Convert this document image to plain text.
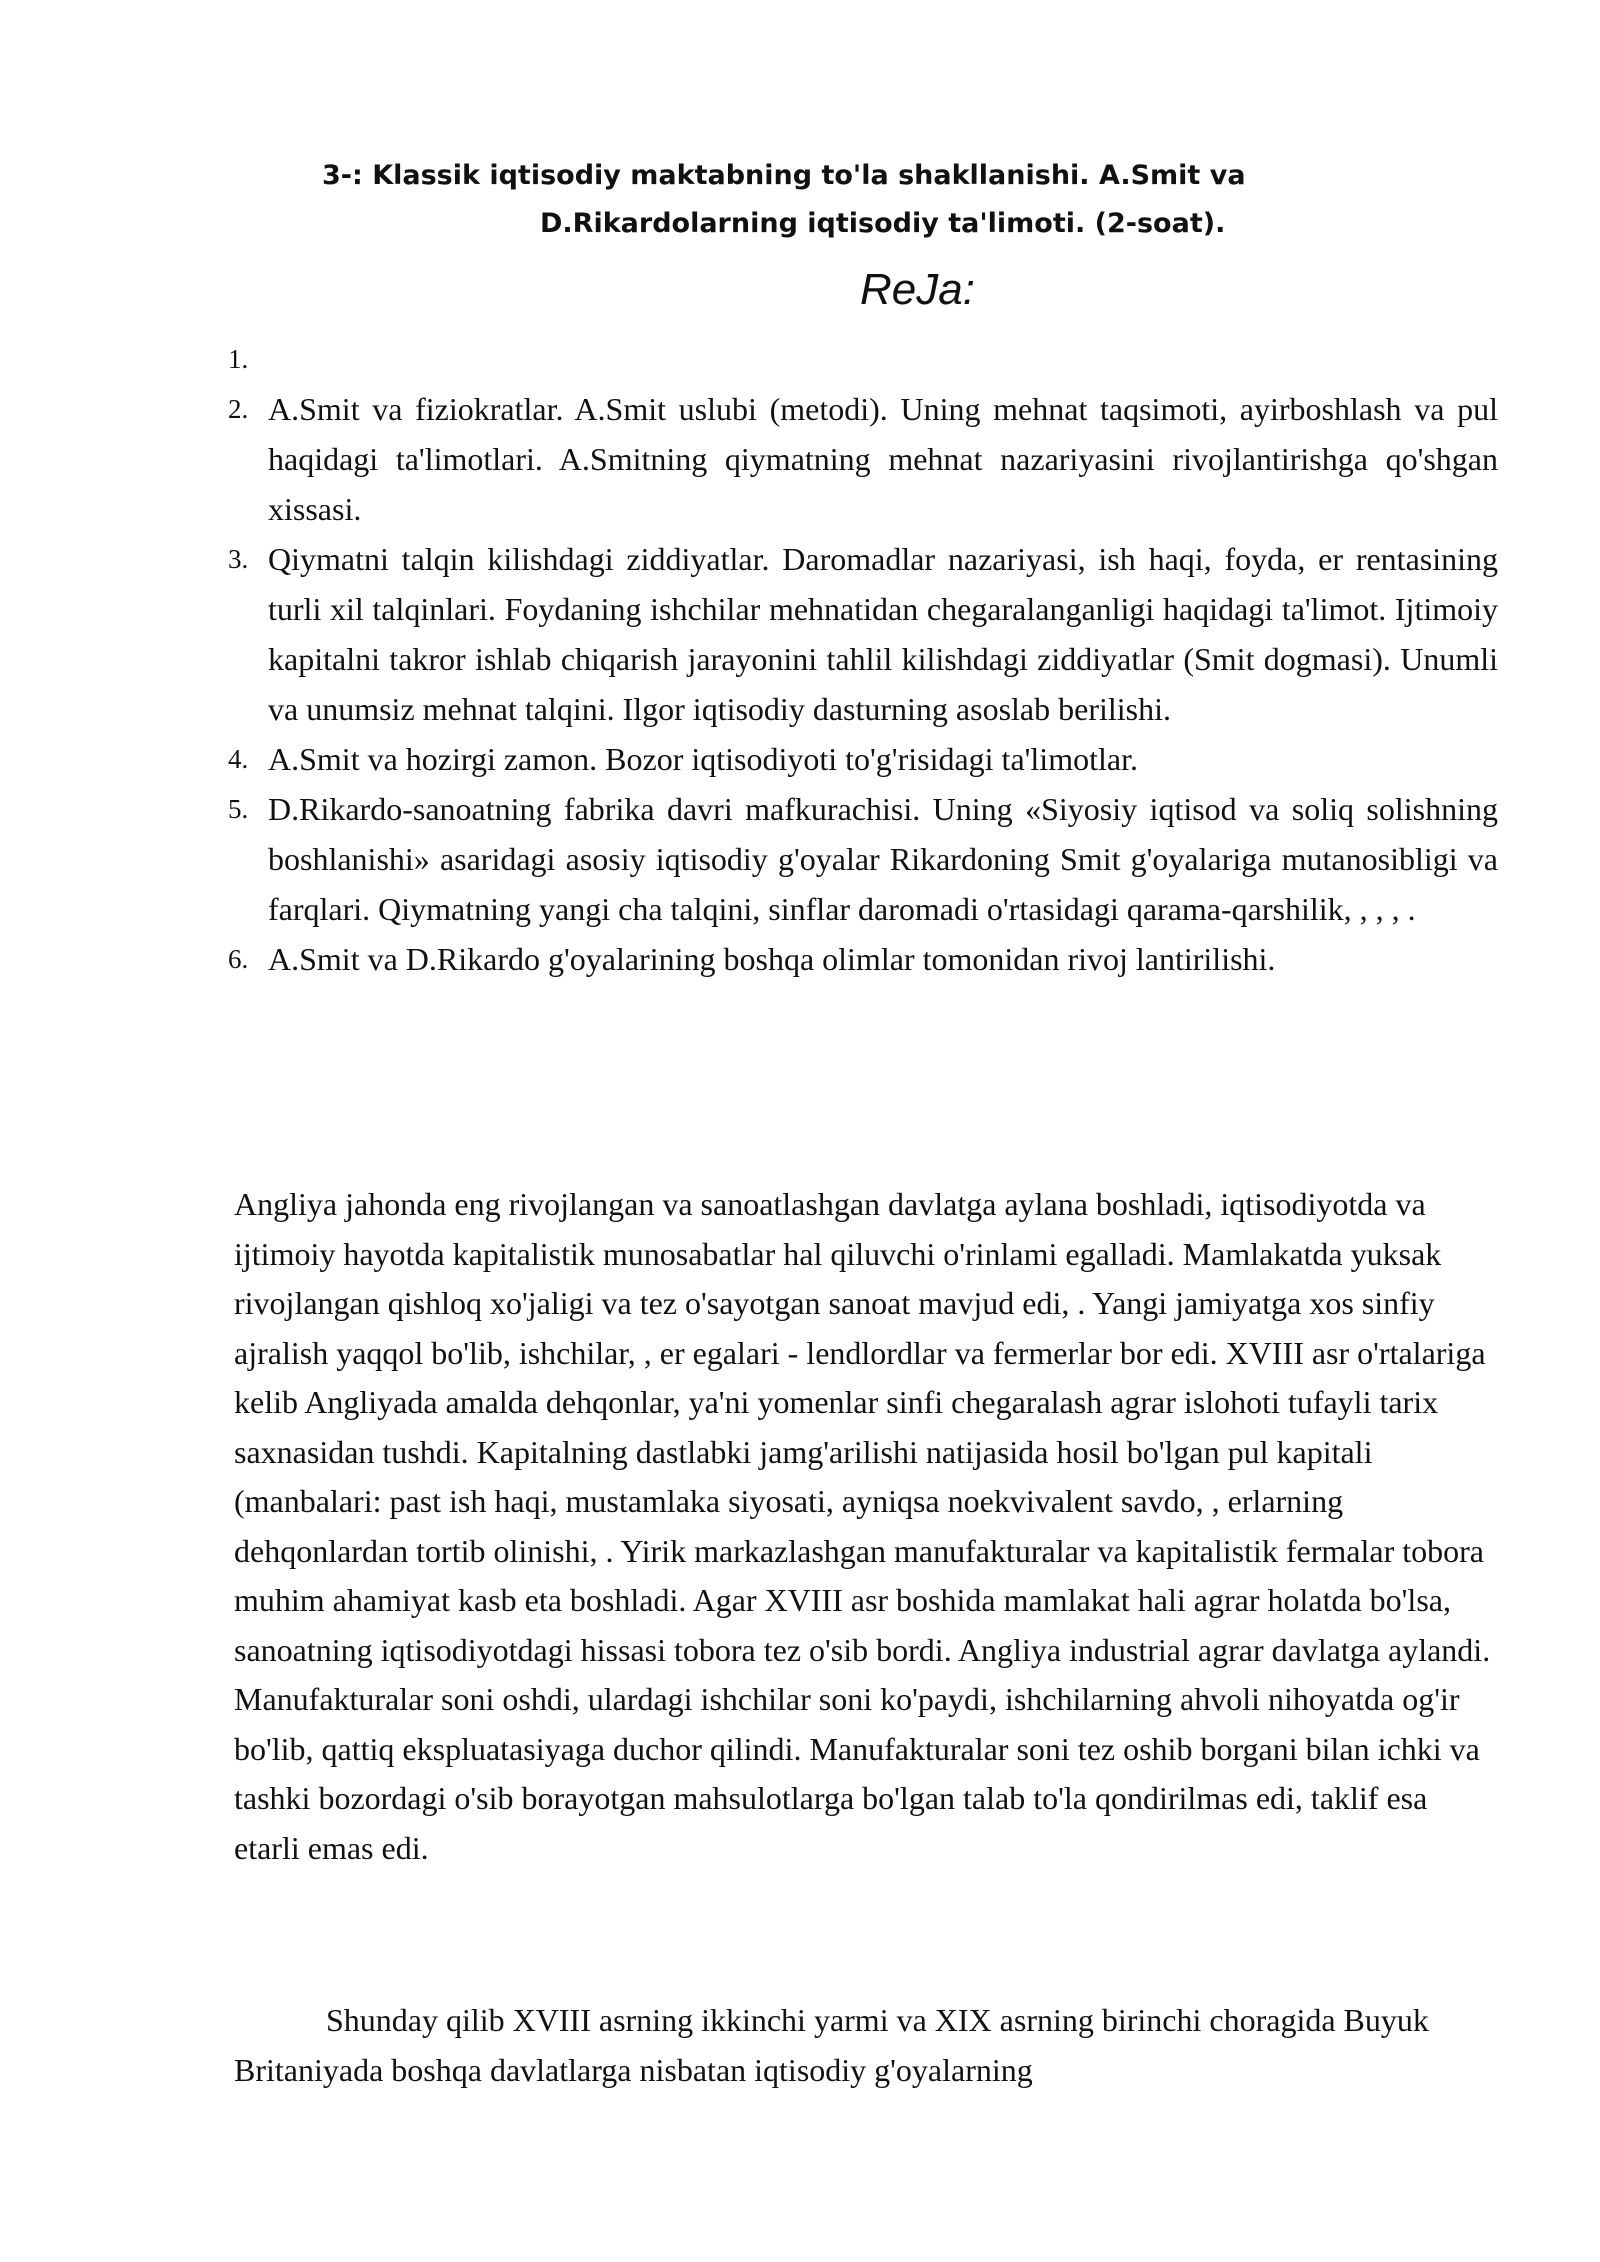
3-: Klassik iqtisodiy maktabning to'la shakllanishi. A.Smit va
D.Rikardolarning iqtisodiy ta'limoti. (2-soat).
ReJa:
1.
2. A.Smit va fiziokratlar. A.Smit uslubi (metodi). Uning mehnat taqsimoti, ayirboshlash va pul haqidagi ta'limotlari. A.Smitning qiymatning mehnat nazariyasini rivojlantirishga qo'shgan xissasi.
3. Qiymatni talqin kilishdagi ziddiyatlar. Daromadlar nazariyasi, ish haqi, foyda, er rentasining turli xil talqinlari. Foydaning ishchilar mehnatidan chegaralanganligi haqidagi ta'limot. Ijtimoiy kapitalni takror ishlab chiqarish jarayonini tahlil kilishdagi ziddiyatlar (Smit dogmasi). Unumli va unumsiz mehnat talqini. Ilgor iqtisodiy dasturning asoslab berilishi.
4. A.Smit va hozirgi zamon. Bozor iqtisodiyoti to'g'risidagi ta'limotlar.
5. D.Rikardo-sanoatning fabrika davri mafkurachisi. Uning «Siyosiy iqtisod va soliq solishning boshlanishi» asaridagi asosiy iqtisodiy g'oyalar Rikardoning Smit g'oyalariga mutanosibligi va farqlari. Qiymatning yangi cha talqini, sinflar daromadi o'rtasidagi qarama-qarshilik, , , , .
6. A.Smit va D.Rikardo g'oyalarining boshqa olimlar tomonidan rivoj lantirilishi.

Angliya jahonda eng rivojlangan va sanoatlashgan davlatga aylana boshladi, iqtisodiyotda va ijtimoiy hayotda kapitalistik munosabatlar hal qiluvchi o'rinlami egalladi. Mamlakatda yuksak rivojlangan qishloq xo'jaligi va tez o'sayotgan sanoat mavjud edi, . Yangi jamiyatga xos sinfiy ajralish yaqqol bo'lib, ishchilar, , er egalari - lendlordlar va fermerlar bor edi. XVIII asr o'rtalariga kelib Angliyada amalda dehqonlar, ya'ni yomenlar sinfi chegaralash agrar islohoti tufayli tarix saxnasidan tushdi. Kapitalning dastlabki jamg'arilishi natijasida hosil bo'lgan pul kapitali (manbalari: past ish haqi, mustamlaka siyosati, ayniqsa noekvivalent savdo, , erlarning dehqonlardan tortib olinishi, . Yirik markazlashgan manufakturalar va kapitalistik fermalar tobora muhim ahamiyat kasb eta boshladi. Agar XVIII asr boshida mamlakat hali agrar holatda bo'lsa, sanoatning iqtisodiyotdagi hissasi tobora tez o'sib bordi. Angliya industrial agrar davlatga aylandi. Manufakturalar soni oshdi, ulardagi ishchilar soni ko'paydi, ishchilarning ahvoli nihoyatda og'ir bo'lib, qattiq ekspluatasiyaga duchor qilindi. Manufakturalar soni tez oshib borgani bilan ichki va tashki bozordagi o'sib borayotgan mahsulotlarga bo'lgan talab to'la qondirilmas edi, taklif esa etarli emas edi.

Shunday qilib XVIII asrning ikkinchi yarmi va XIX asrning birinchi choragida Buyuk Britaniyada boshqa davlatlarga nisbatan iqtisodiy g'oyalarning
